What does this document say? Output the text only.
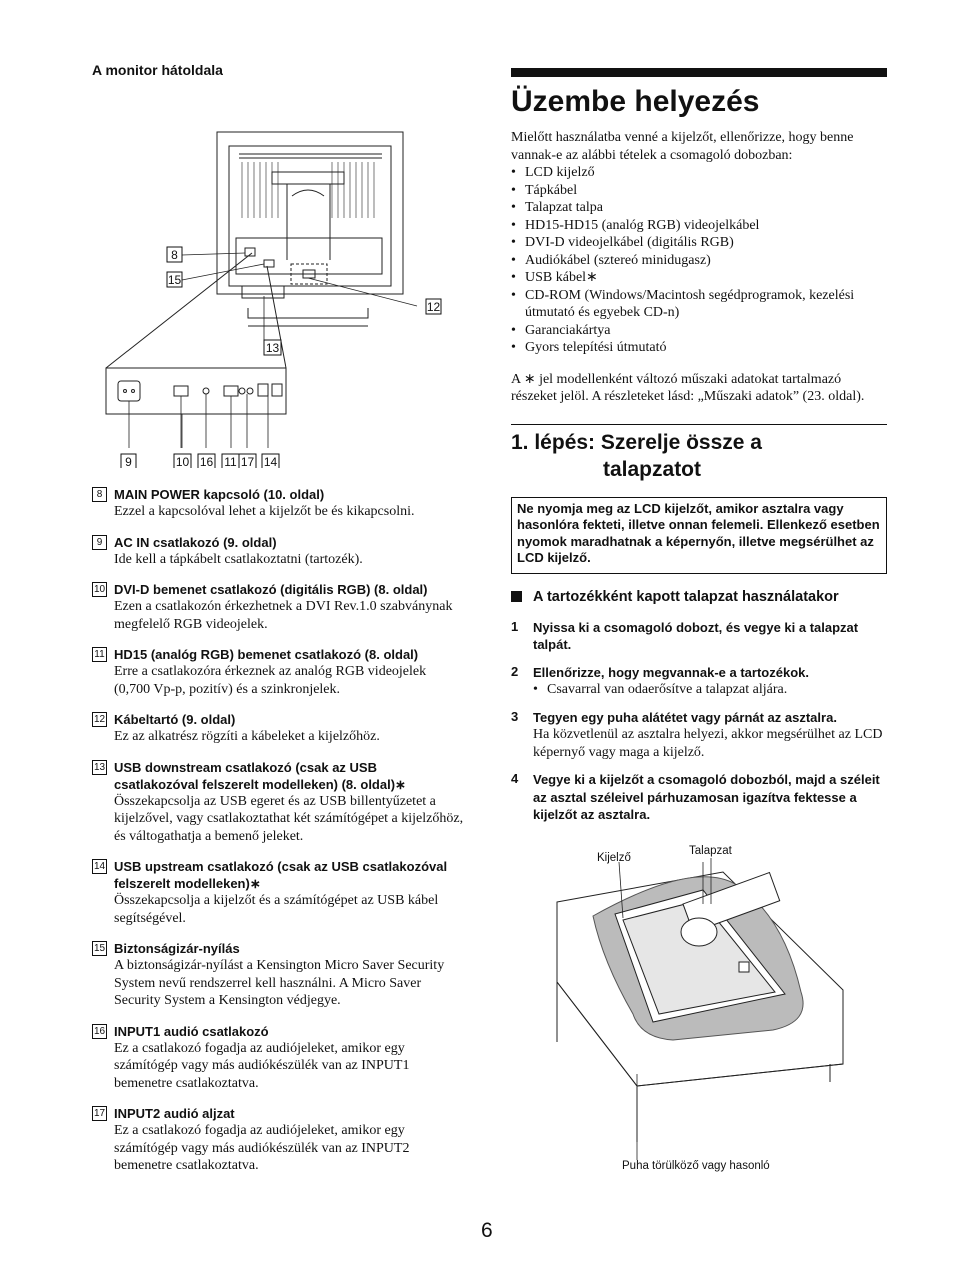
A monitor hátoldala
8
15
12
13
9	10 16 11 17 14
8 MAIN POWER kapcsoló (10. oldal)
Ezzel a kapcsolóval lehet a kijelzőt be és kikapcsolni.
9 AC IN csatlakozó (9. oldal)
Ide kell a tápkábelt csatlakoztatni (tartozék).
10 DVI-D bemenet csatlakozó (digitális RGB) (8. oldal)
Ezen a csatlakozón érkezhetnek a DVI Rev.1.0 szabványnak megfelelő RGB videojelek.
11 HD15 (analóg RGB) bemenet csatlakozó (8. oldal)
Erre a csatlakozóra érkeznek az analóg RGB videojelek (0,700 Vp-p, pozitív) és a szinkronjelek.
12 Kábeltartó (9. oldal)
Ez az alkatrész rögzíti a kábeleket a kijelzőhöz.
13 USB downstream csatlakozó (csak az USB csatlakozóval felszerelt modelleken) (8. oldal)∗
Összekapcsolja az USB egeret és az USB billentyűzetet a kijelzővel, vagy csatlakoztathat két számítógépet a kijelzőhöz, és váltogathatja a bemenő jeleket.
14 USB upstream csatlakozó (csak az USB csatlakozóval felszerelt modelleken)∗
Összekapcsolja a kijelzőt és a számítógépet az USB kábel segítségével.
15 Biztonságizár-nyílás
A biztonságizár-nyílást a Kensington Micro Saver Security System nevű rendszerrel kell használni. A Micro Saver Security System a Kensington védjegye.
16 INPUT1 audió csatlakozó
Ez a csatlakozó fogadja az audiójeleket, amikor egy számítógép vagy más audiókészülék van az INPUT1 bemenetre csatlakoztatva.
17 INPUT2 audió aljzat
Ez a csatlakozó fogadja az audiójeleket, amikor egy számítógép vagy más audiókészülék van az INPUT2 bemenetre csatlakoztatva.
Üzembe helyezés

Mielőtt használatba venné a kijelzőt, ellenőrizze, hogy benne vannak-e az alábbi tételek a csomagoló dobozban:

• LCD kijelző
• Tápkábel
• Talapzat talpa
• HD15-HD15 (analóg RGB) videojelkábel
• DVI-D videojelkábel (digitális RGB)
• Audiókábel (sztereó minidugasz)
• USB kábel∗
• CD-ROM (Windows/Macintosh segédprogramok, kezelési útmutató és egyebek CD-n)
• Garanciakártya
• Gyors telepítési útmutató

A ∗ jel modellenként változó műszaki adatokat tartalmazó részeket jelöl. A részleteket lásd: „Műszaki adatok” (23. oldal).

1. lépés: Szerelje össze a
talapzatot
Ne nyomja meg az LCD kijelzőt, amikor asztalra vagy hasonlóra fekteti, illetve onnan felemeli. Ellenkező esetben nyomok maradhatnak a képernyőn, illetve megsérülhet az LCD kijelző.
A tartozékként kapott talapzat használatakor
1 Nyissa ki a csomagoló dobozt, és vegye ki a talapzat talpát.
2 Ellenőrizze, hogy megvannak-e a tartozékok.
• Csavarral van odaerősítve a talapzat aljára.
3 Tegyen egy puha alátétet vagy párnát az asztalra.
Ha közvetlenül az asztalra helyezi, akkor megsérülhet az LCD képernyő vagy maga a kijelző.
4 Vegye ki a kijelzőt a csomagoló dobozból, majd a széleit az asztal széleivel párhuzamosan igazítva fektesse a kijelzőt az asztalra.
Kijelző
Talapzat
Puha törülköző vagy hasonló
6
